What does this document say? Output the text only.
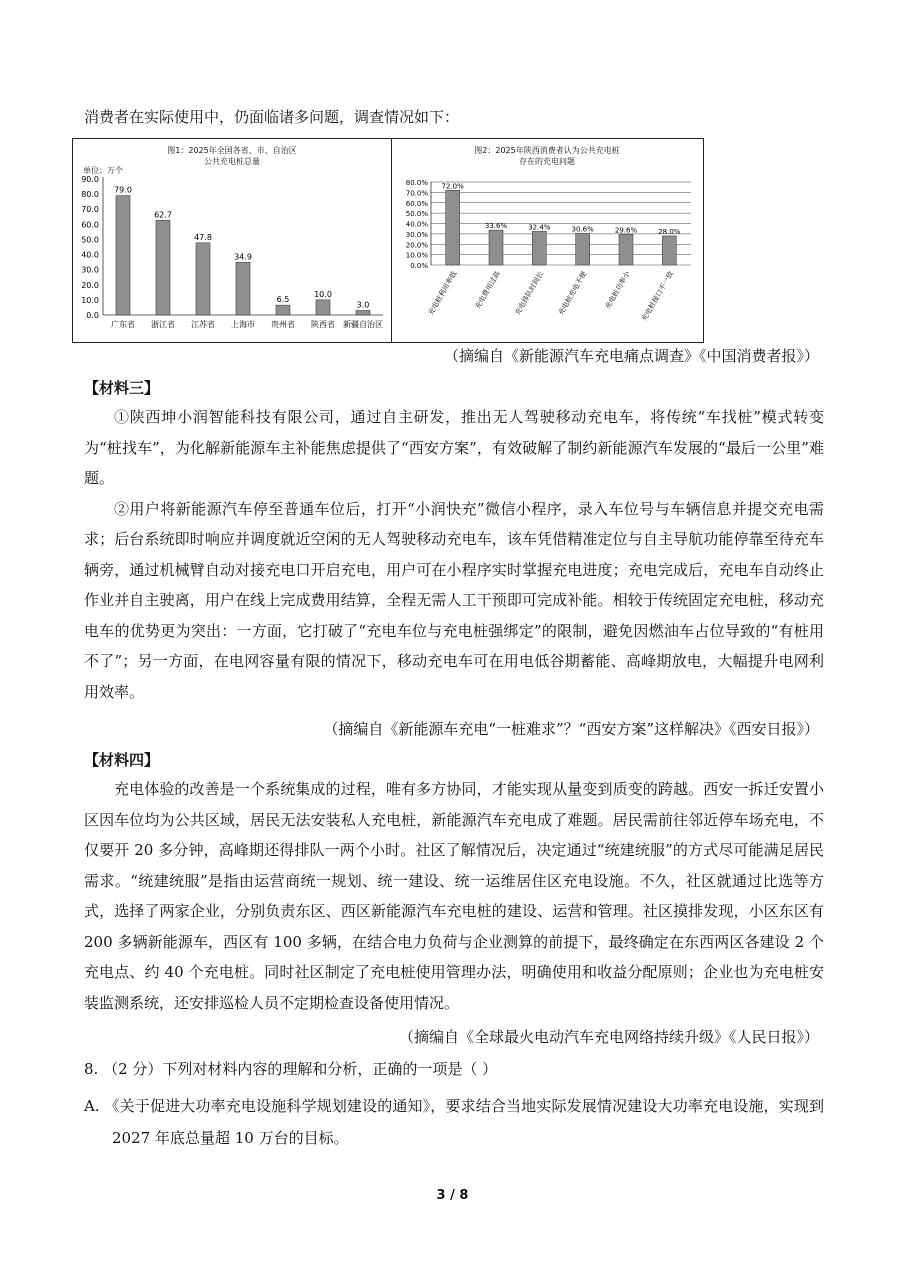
消费者在实际使用中，仍面临诸多问题，调查情况如下：
图1：2025年全国各省、市、自治区
公共充电桩总量
单位：万个
0.0
10.0
20.0
30.0
40.0
50.0
60.0
70.0
80.0
90.0
79.0
广东省
62.7
浙江省
47.8
江苏省
34.9
上海市
6.5
贵州省
10.0
陕西省
3.0
新疆自治区
图2：2025年陕西消费者认为公共充电桩
存在的充电问题
0.0%
10.0%
20.0%
30.0%
40.0%
50.0%
60.0%
70.0%
80.0% 72.0%
充电桩利用率低
33.6%
充电费用过高
32.4%
充电排队时间长
30.6%
充电桩充电不便
29.6%
充电桩功率小
28.0%
充电桩接口不一致
（摘编自《新能源汽车充电痛点调查》《中国消费者报》）
【材料三】

①陕西坤小润智能科技有限公司，通过自主研发，推出无人驾驶移动充电车，将传统“车找桩”模式转变为“桩找车”，为化解新能源车主补能焦虑提供了“西安方案”，有效破解了制约新能源汽车发展的“最后一公里”难题。

②用户将新能源汽车停至普通车位后，打开“小润快充”微信小程序，录入车位号与车辆信息并提交充电需求；后台系统即时响应并调度就近空闲的无人驾驶移动充电车，该车凭借精准定位与自主导航功能停靠至待充车辆旁，通过机械臂自动对接充电口开启充电，用户可在小程序实时掌握充电进度；充电完成后，充电车自动终止作业并自主驶离，用户在线上完成费用结算，全程无需人工干预即可完成补能。相较于传统固定充电桩，移动充电车的优势更为突出：一方面，它打破了“充电车位与充电桩强绑定”的限制，避免因燃油车占位导致的“有桩用不了”；另一方面，在电网容量有限的情况下，移动充电车可在用电低谷期蓄能、高峰期放电，大幅提升电网利用效率。

（摘编自《新能源车充电“一桩难求”？“西安方案”这样解决》《西安日报》）
【材料四】

充电体验的改善是一个系统集成的过程，唯有多方协同，才能实现从量变到质变的跨越。西安一拆迁安置小区因车位均为公共区域，居民无法安装私人充电桩，新能源汽车充电成了难题。居民需前往邻近停车场充电，不仅要开 20 多分钟，高峰期还得排队一两个小时。社区了解情况后，决定通过“统建统服”的方式尽可能满足居民需求。“统建统服”是指由运营商统一规划、统一建设、统一运维居住区充电设施。不久，社区就通过比选等方式，选择了两家企业，分别负责东区、西区新能源汽车充电桩的建设、运营和管理。社区摸排发现，小区东区有 200 多辆新能源车，西区有 100 多辆，在结合电力负荷与企业测算的前提下，最终确定在东西两区各建设 2 个充电点、约 40 个充电桩。同时社区制定了充电桩使用管理办法，明确使用和收益分配原则；企业也为充电桩安装监测系统，还安排巡检人员不定期检查设备使用情况。

（摘编自《全球最火电动汽车充电网络持续升级》《人民日报》）
8. （2 分）下列对材料内容的理解和分析，正确的一项是（ ）

A. 《关于促进大功率充电设施科学规划建设的通知》，要求结合当地实际发展情况建设大功率充电设施，实现到 2027 年底总量超 10 万台的目标。

3 / 8
